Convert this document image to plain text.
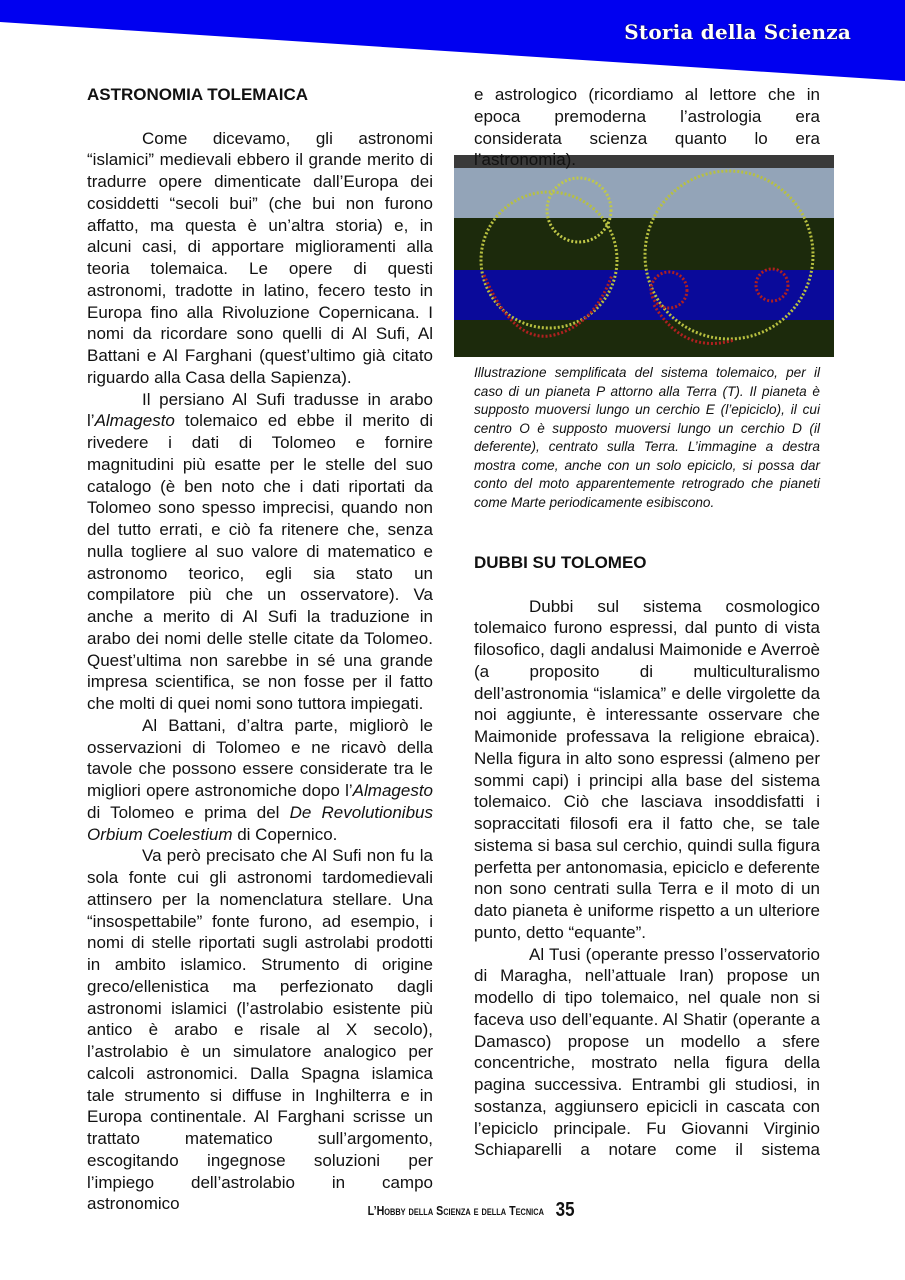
Storia della Scienza
ASTRONOMIA TOLEMAICA

Come dicevamo, gli astronomi “islamici” medievali ebbero il grande merito di tradurre opere dimenticate dall’Europa dei cosiddetti “secoli bui” (che bui non furono affatto, ma questa è un’altra storia) e, in alcuni casi, di apportare miglioramenti alla teoria tolemaica. Le opere di questi astronomi, tradotte in latino, fecero testo in Europa fino alla Rivoluzione Copernicana. I nomi da ricordare sono quelli di Al Sufi, Al Battani e Al Farghani (quest’ultimo già citato riguardo alla Casa della Sapienza).

Il persiano Al Sufi tradusse in arabo l’Almagesto tolemaico ed ebbe il merito di rivedere i dati di Tolomeo e fornire magnitudini più esatte per le stelle del suo catalogo (è ben noto che i dati riportati da Tolomeo sono spesso imprecisi, quando non del tutto errati, e ciò fa ritenere che, senza nulla togliere al suo valore di matematico e astronomo teorico, egli sia stato un compilatore più che un osservatore). Va anche a merito di Al Sufi la traduzione in arabo dei nomi delle stelle citate da Tolomeo. Quest’ultima non sarebbe in sé una grande impresa scientifica, se non fosse per il fatto che molti di quei nomi sono tuttora impiegati.

Al Battani, d’altra parte, migliorò le osservazioni di Tolomeo e ne ricavò della tavole che possono essere considerate tra le migliori opere astronomiche dopo l’Almagesto di Tolomeo e prima del De Revolutionibus Orbium Coelestium di Copernico.

Va però precisato che Al Sufi non fu la sola fonte cui gli astronomi tardomedievali attinsero per la nomenclatura stellare. Una “insospettabile” fonte furono, ad esempio, i nomi di stelle riportati sugli astrolabi prodotti in ambito islamico. Strumento di origine greco/ellenistica ma perfezionato dagli astronomi islamici (l’astrolabio esistente più antico è arabo e risale al X secolo), l’astrolabio è un simulatore analogico per calcoli astronomici. Dalla Spagna islamica tale strumento si diffuse in Inghilterra e in Europa continentale. Al Farghani scrisse un trattato matematico sull’argomento, escogitando ingegnose soluzioni per l’impiego dell’astrolabio in campo astronomico

e astrologico (ricordiamo al lettore che in epoca premoderna l’astrologia era considerata scienza quanto lo era l’astronomia).

Illustrazione semplificata del sistema tolemaico, per il caso di un pianeta P attorno alla Terra (T). Il pianeta è supposto muoversi lungo un cerchio E (l’epiciclo), il cui centro O è supposto muoversi lungo un cerchio D (il deferente), centrato sulla Terra. L’immagine a destra mostra come, anche con un solo epiciclo, si possa dar conto del moto apparentemente retrogrado che pianeti come Marte periodicamente esibiscono.
DUBBI SU TOLOMEO

Dubbi sul sistema cosmologico tolemaico furono espressi, dal punto di vista filosofico, dagli andalusi Maimonide e Averroè (a proposito di multiculturalismo dell’astronomia “islamica” e delle virgolette da noi aggiunte, è interessante osservare che Maimonide professava la religione ebraica). Nella figura in alto sono espressi (almeno per sommi capi) i principi alla base del sistema tolemaico. Ciò che lasciava insoddisfatti i sopraccitati filosofi era il fatto che, se tale sistema si basa sul cerchio, quindi sulla figura perfetta per antonomasia, epiciclo e deferente non sono centrati sulla Terra e il moto di un dato pianeta è uniforme rispetto a un ulteriore punto, detto “equante”.

Al Tusi (operante presso l’osservatorio di Maragha, nell’attuale Iran) propose un modello di tipo tolemaico, nel quale non si faceva uso dell’equante. Al Shatir (operante a Damasco) propose un modello a sfere concentriche, mostrato nella figura della pagina successiva. Entrambi gli studiosi, in sostanza, aggiunsero epicicli in cascata con l’epiciclo principale. Fu Giovanni Virginio Schiaparelli a notare come il sistema

L’Hobby della Scienza e della Tecnica 35
